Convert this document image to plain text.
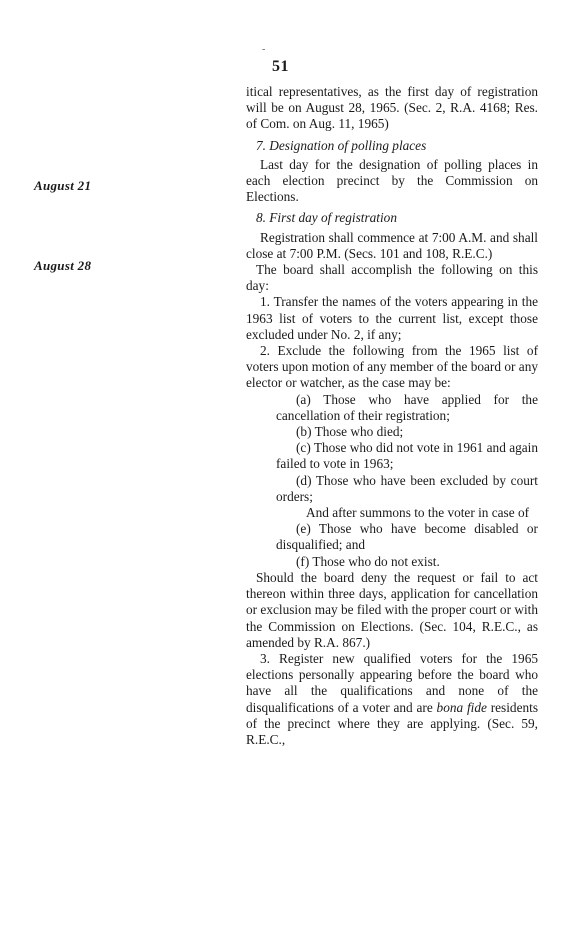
-
51
August 21
August 28

itical representatives, as the first day of registration will be on August 28, 1965. (Sec. 2, R.A. 4168; Res. of Com. on Aug. 11, 1965)

7. Designation of polling places

Last day for the designation of polling places in each election precinct by the Commission on Elections.

8. First day of registration

Registration shall commence at 7:00 A.M. and shall close at 7:00 P.M. (Secs. 101 and 108, R.E.C.)

The board shall accomplish the following on this day:

1. Transfer the names of the voters appearing in the 1963 list of voters to the current list, except those excluded under No. 2, if any;

2. Exclude the following from the 1965 list of voters upon motion of any member of the board or any elector or watcher, as the case may be:

(a) Those who have applied for the cancellation of their registration;

(b) Those who died;

(c) Those who did not vote in 1961 and again failed to vote in 1963;

(d) Those who have been excluded by court orders;

And after summons to the voter in case of

(e) Those who have become disabled or disqualified; and

(f) Those who do not exist.

Should the board deny the request or fail to act thereon within three days, application for cancellation or exclusion may be filed with the proper court or with the Commission on Elections. (Sec. 104, R.E.C., as amended by R.A. 867.)

3. Register new qualified voters for the 1965 elections personally appearing before the board who have all the qualifications and none of the disqualifications of a voter and are bona fide residents of the precinct where they are applying. (Sec. 59, R.E.C.,
